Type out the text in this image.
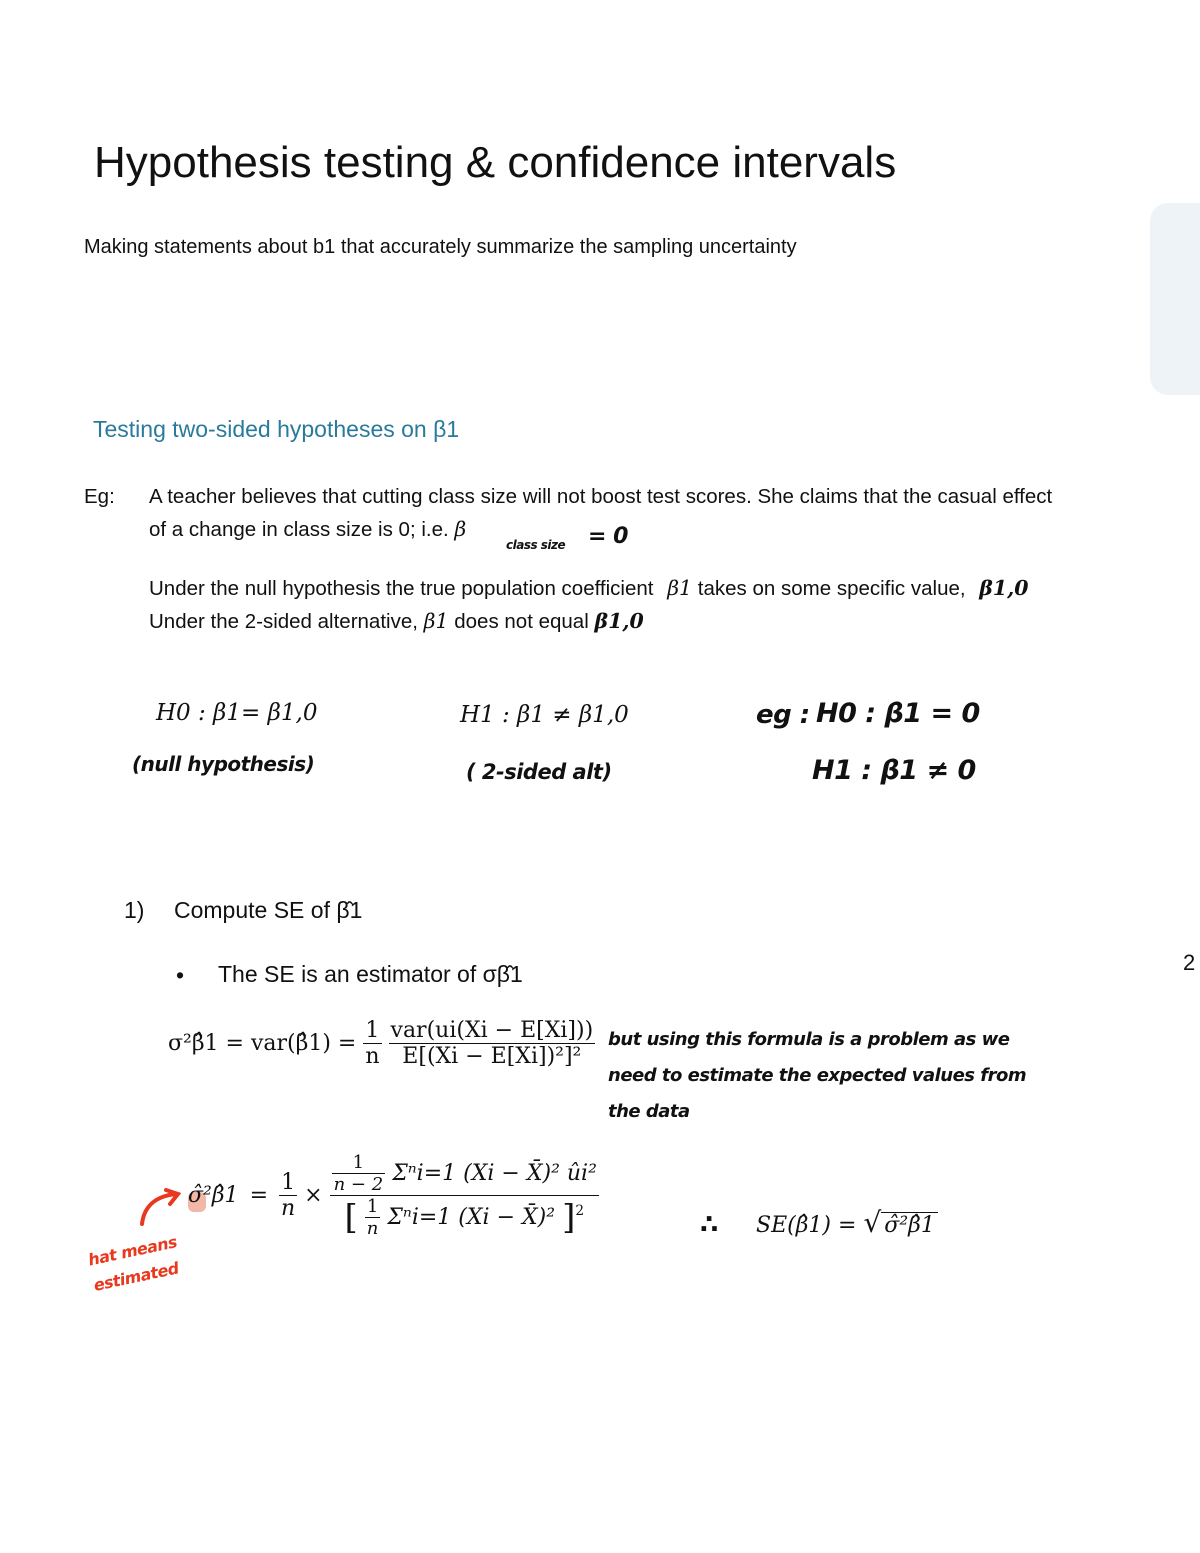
Hypothesis testing & confidence intervals
Making statements about b1 that accurately summarize the sampling uncertainty
Testing two-sided hypotheses on β1
Eg: A teacher believes that cutting class size will not boost test scores. She claims that the casual effect
of a change in class size is 0; i.e. β
class size = 0
Under the null hypothesis the true population coefficient β1 takes on some specific value, β1,0
Under the 2-sided alternative, β1 does not equal β1,0
H0 : β1= β1,0
(null hypothesis)
H1 : β1 ≠ β1,0
( 2-sided alt)
eg : H0 : β1 = 0
H1 : β1 ≠ 0
1) Compute SE of β̂1
• The SE is an estimator of σβ̂1
σ²β̂1 = var(β̂1) = $\frac{1}{n}$
$\frac{\text{var(ui(Xi − E[Xi]))}}{\text{E[(Xi − E[Xi])²]²}}$ but using this formula is a problem as we need to estimate the expected values from the data
hat means estimated
σ̂²β̂1 = $\frac{1}{n}$ ×
$\frac{1}{n - 2} \Sigma^ni=1$ (Xi − X̄)² ûi²
[ $\frac{1}{n} \Sigma^ni=1$ (Xi − X̄)² ]$^2$	∴ SE(β̂1) = √ σ̂²β̂1
2
